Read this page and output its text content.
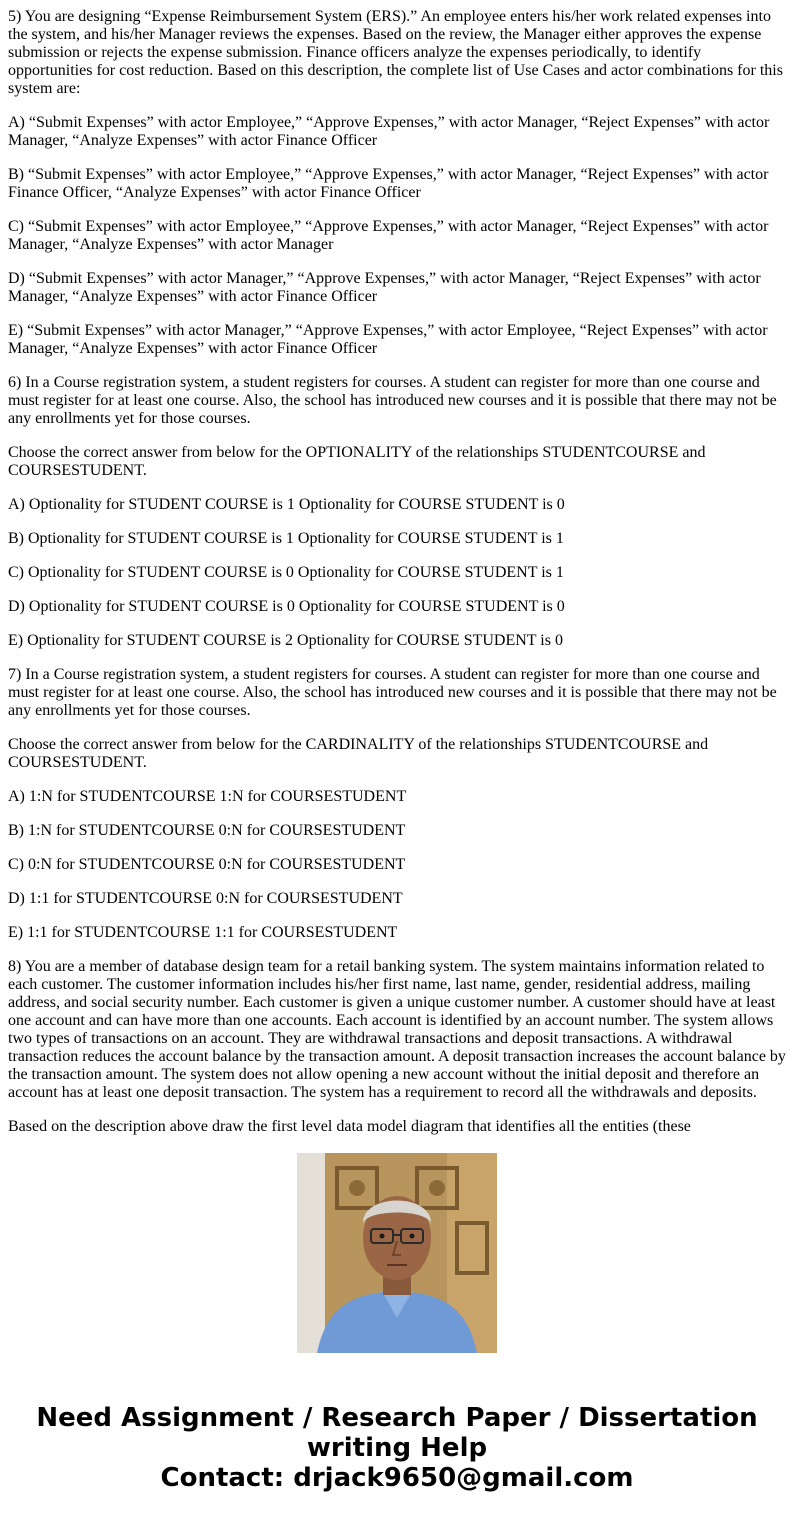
5) You are designing “Expense Reimbursement System (ERS).” An employee enters his/her work related expenses into the system, and his/her Manager reviews the expenses. Based on the review, the Manager either approves the expense submission or rejects the expense submission. Finance officers analyze the expenses periodically, to identify opportunities for cost reduction. Based on this description, the complete list of Use Cases and actor combinations for this system are:

A) “Submit Expenses” with actor Employee,” “Approve Expenses,” with actor Manager, “Reject Expenses” with actor Manager, “Analyze Expenses” with actor Finance Officer

B) “Submit Expenses” with actor Employee,” “Approve Expenses,” with actor Manager, “Reject Expenses” with actor Finance Officer, “Analyze Expenses” with actor Finance Officer

C) “Submit Expenses” with actor Employee,” “Approve Expenses,” with actor Manager, “Reject Expenses” with actor Manager, “Analyze Expenses” with actor Manager

D) “Submit Expenses” with actor Manager,” “Approve Expenses,” with actor Manager, “Reject Expenses” with actor Manager, “Analyze Expenses” with actor Finance Officer

E) “Submit Expenses” with actor Manager,” “Approve Expenses,” with actor Employee, “Reject Expenses” with actor Manager, “Analyze Expenses” with actor Finance Officer

6) In a Course registration system, a student registers for courses. A student can register for more than one course and must register for at least one course. Also, the school has introduced new courses and it is possible that there may not be any enrollments yet for those courses.

Choose the correct answer from below for the OPTIONALITY of the relationships STUDENTCOURSE and COURSESTUDENT.

A) Optionality for STUDENT COURSE is 1 Optionality for COURSE STUDENT is 0

B) Optionality for STUDENT COURSE is 1 Optionality for COURSE STUDENT is 1

C) Optionality for STUDENT COURSE is 0 Optionality for COURSE STUDENT is 1

D) Optionality for STUDENT COURSE is 0 Optionality for COURSE STUDENT is 0

E) Optionality for STUDENT COURSE is 2 Optionality for COURSE STUDENT is 0

7) In a Course registration system, a student registers for courses. A student can register for more than one course and must register for at least one course. Also, the school has introduced new courses and it is possible that there may not be any enrollments yet for those courses.

Choose the correct answer from below for the CARDINALITY of the relationships STUDENTCOURSE and COURSESTUDENT.

A) 1:N for STUDENTCOURSE 1:N for COURSESTUDENT

B) 1:N for STUDENTCOURSE 0:N for COURSESTUDENT

C) 0:N for STUDENTCOURSE 0:N for COURSESTUDENT

D) 1:1 for STUDENTCOURSE 0:N for COURSESTUDENT

E) 1:1 for STUDENTCOURSE 1:1 for COURSESTUDENT

8) You are a member of database design team for a retail banking system. The system maintains information related to each customer. The customer information includes his/her first name, last name, gender, residential address, mailing address, and social security number. Each customer is given a unique customer number. A customer should have at least one account and can have more than one accounts. Each account is identified by an account number. The system allows two types of transactions on an account. They are withdrawal transactions and deposit transactions. A withdrawal transaction reduces the account balance by the transaction amount. A deposit transaction increases the account balance by the transaction amount. The system does not allow opening a new account without the initial deposit and therefore an account has at least one deposit transaction. The system has a requirement to record all the withdrawals and deposits.

Based on the description above draw the first level data model diagram that identifies all the entities (these

Need Assignment / Research Paper / Dissertation
writing Help
Contact: drjack9650@gmail.com
